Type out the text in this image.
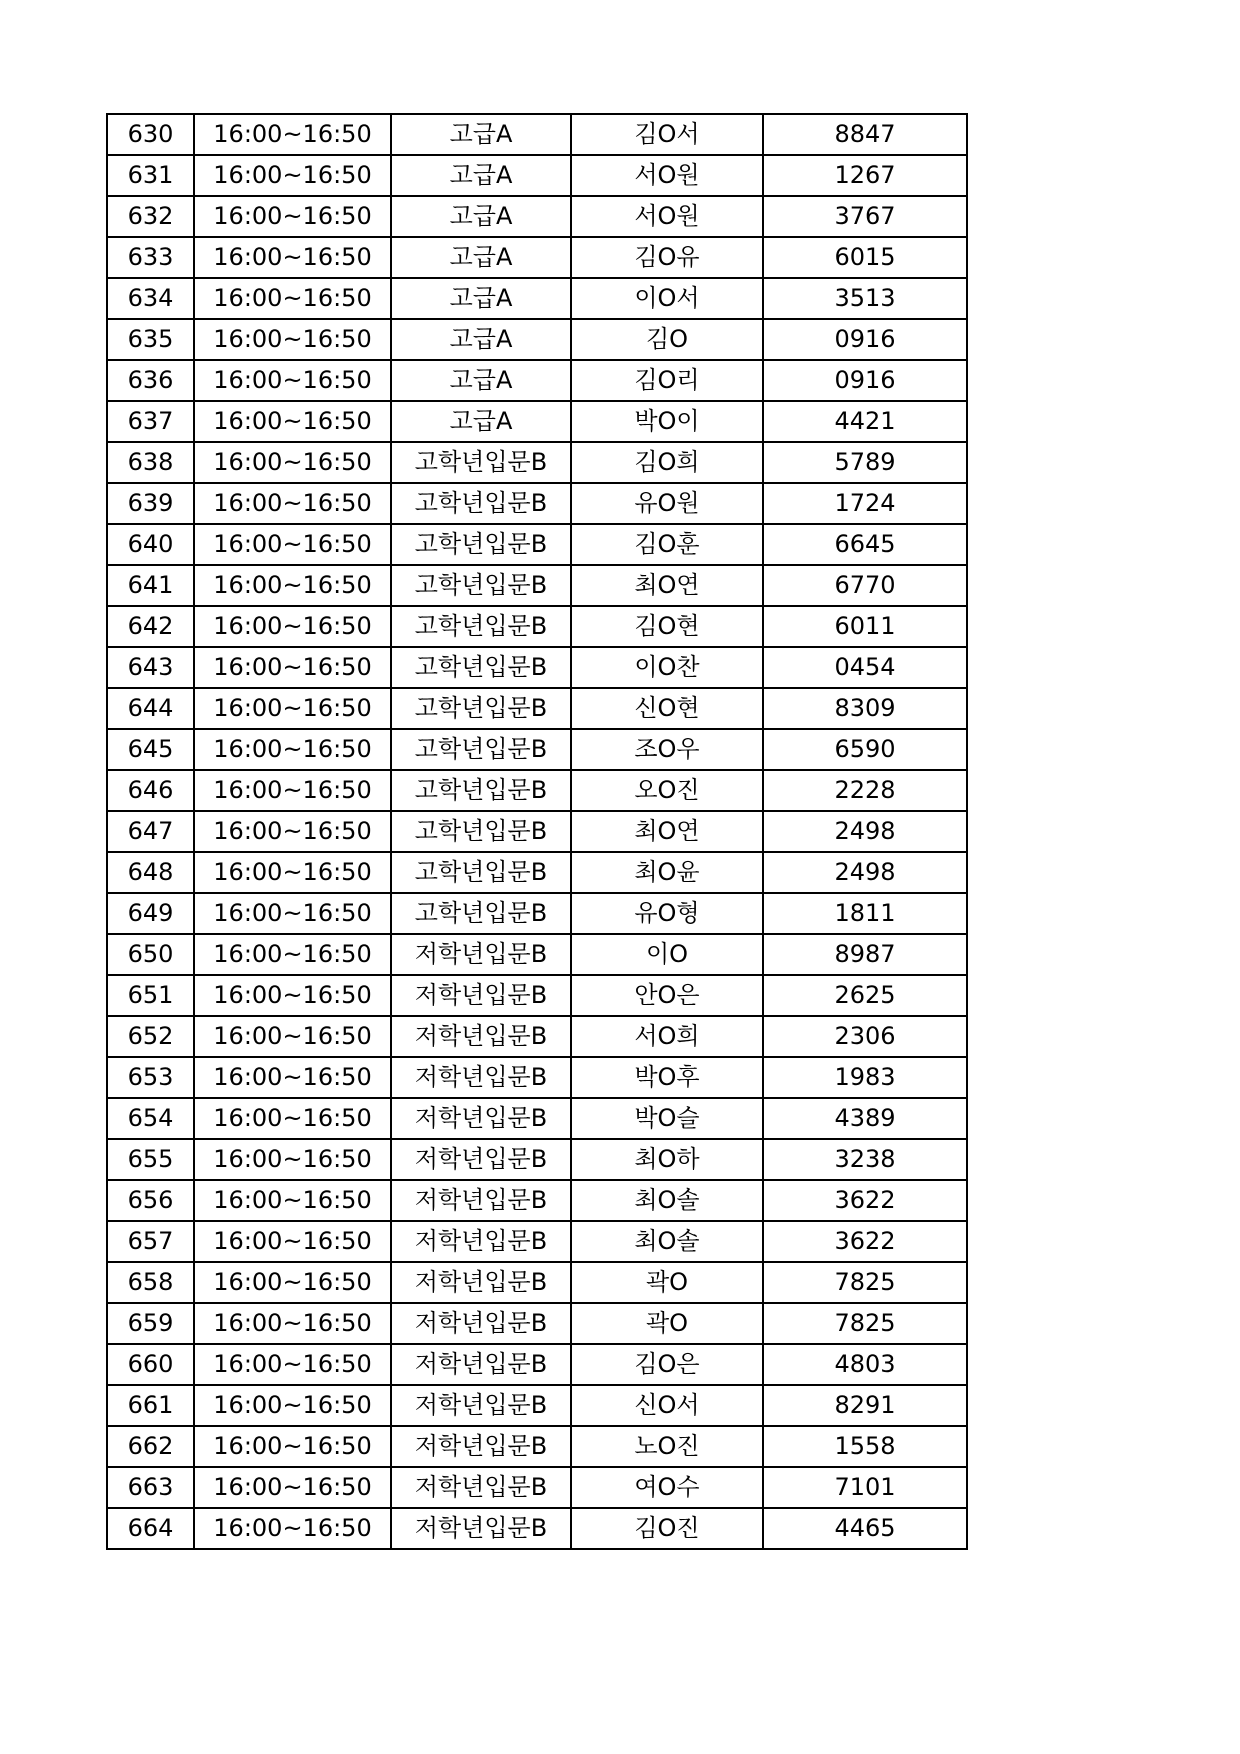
630	16:00~16:50	고급A	김O서	8847
631	16:00~16:50	고급A	서O원	1267
632	16:00~16:50	고급A	서O원	3767
633	16:00~16:50	고급A	김O유	6015
634	16:00~16:50	고급A	이O서	3513
635	16:00~16:50	고급A	김O	0916
636	16:00~16:50	고급A	김O리	0916
637	16:00~16:50	고급A	박O이	4421
638	16:00~16:50	고학년입문B	김O희	5789
639	16:00~16:50	고학년입문B	유O원	1724
640	16:00~16:50	고학년입문B	김O훈	6645
641	16:00~16:50	고학년입문B	최O연	6770
642	16:00~16:50	고학년입문B	김O현	6011
643	16:00~16:50	고학년입문B	이O찬	0454
644	16:00~16:50	고학년입문B	신O현	8309
645	16:00~16:50	고학년입문B	조O우	6590
646	16:00~16:50	고학년입문B	오O진	2228
647	16:00~16:50	고학년입문B	최O연	2498
648	16:00~16:50	고학년입문B	최O윤	2498
649	16:00~16:50	고학년입문B	유O형	1811
650	16:00~16:50	저학년입문B	이O	8987
651	16:00~16:50	저학년입문B	안O은	2625
652	16:00~16:50	저학년입문B	서O희	2306
653	16:00~16:50	저학년입문B	박O후	1983
654	16:00~16:50	저학년입문B	박O슬	4389
655	16:00~16:50	저학년입문B	최O하	3238
656	16:00~16:50	저학년입문B	최O솔	3622
657	16:00~16:50	저학년입문B	최O솔	3622
658	16:00~16:50	저학년입문B	곽O	7825
659	16:00~16:50	저학년입문B	곽O	7825
660	16:00~16:50	저학년입문B	김O은	4803
661	16:00~16:50	저학년입문B	신O서	8291
662	16:00~16:50	저학년입문B	노O진	1558
663	16:00~16:50	저학년입문B	여O수	7101
664	16:00~16:50	저학년입문B	김O진	4465
